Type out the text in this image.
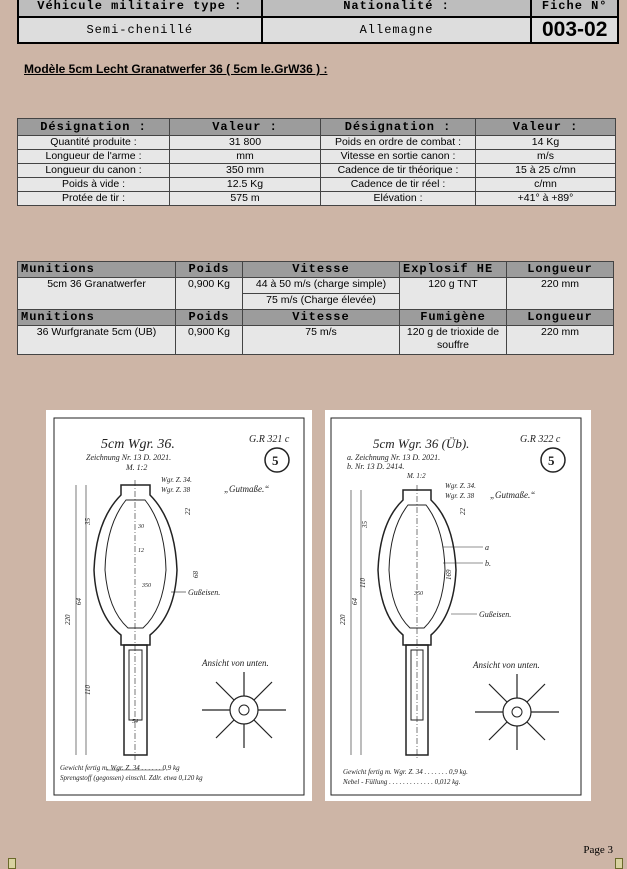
Véhicule militaire type :	Nationalité :	Fiche N°
Semi-chenillé	Allemagne	003-02

Modèle 5cm Lecht Granatwerfer 36 ( 5cm le.GrW36 ) :

Désignation :	Valeur :	Désignation :	Valeur :
Quantité produite :	31 800	Poids en ordre de combat :	14 Kg
Longueur de l'arme :	mm	Vitesse en sortie canon :	m/s
Longueur du canon :	350 mm	Cadence de tir théorique :	15 à 25 c/mn
Poids à vide :	12.5 Kg	Cadence de tir réel :	c/mn
Protée de tir :	575 m	Elévation :	+41° à +89°
Munitions	Poids	Vitesse	Explosif HE	Longueur
5cm 36 Granatwerfer	0,900 Kg	44 à 50 m/s (charge simple)	120 g TNT	220 mm
		75 m/s (Charge élevée)		
Munitions	Poids	Vitesse	Fumigène	Longueur
36 Wurfgranate 5cm (UB)	0,900 Kg	75 m/s	120 g de trioxide de souffre	220 mm
5cm Wgr. 36.	G.R 321 c
5
Zeichnung Nr. 13 D. 2021.
M. 1:2
Wgr. Z. 34.
Wgr. Z. 38	„Gutmaße.“
Gußeisen.
220
64
35
22
30
12
350
68
54
110
Ansicht von unten.
Gewicht fertig m. Wgr. Z. 34 . . . . . . 0,9 kg
Sprengstoff (gegossen) einschl. Zdlr. etwa 0,120 kg
5cm Wgr. 36 (Üb).	G.R 322 c
5
a. Zeichnung Nr. 13 D. 2021.
b. Nr. 13 D. 2414.
M. 1:2
Wgr. Z. 34.
Wgr. Z. 38 „Gutmaße.“
a
b.
Gußeisen.
220
64
35
22
110
350
169
Ansicht von unten.
Gewicht fertig m. Wgr. Z. 34 . . . . . . . 0,9 kg.
Nebel - Füllung . . . . . . . . . . . . . 0,012 kg.
Page 3
